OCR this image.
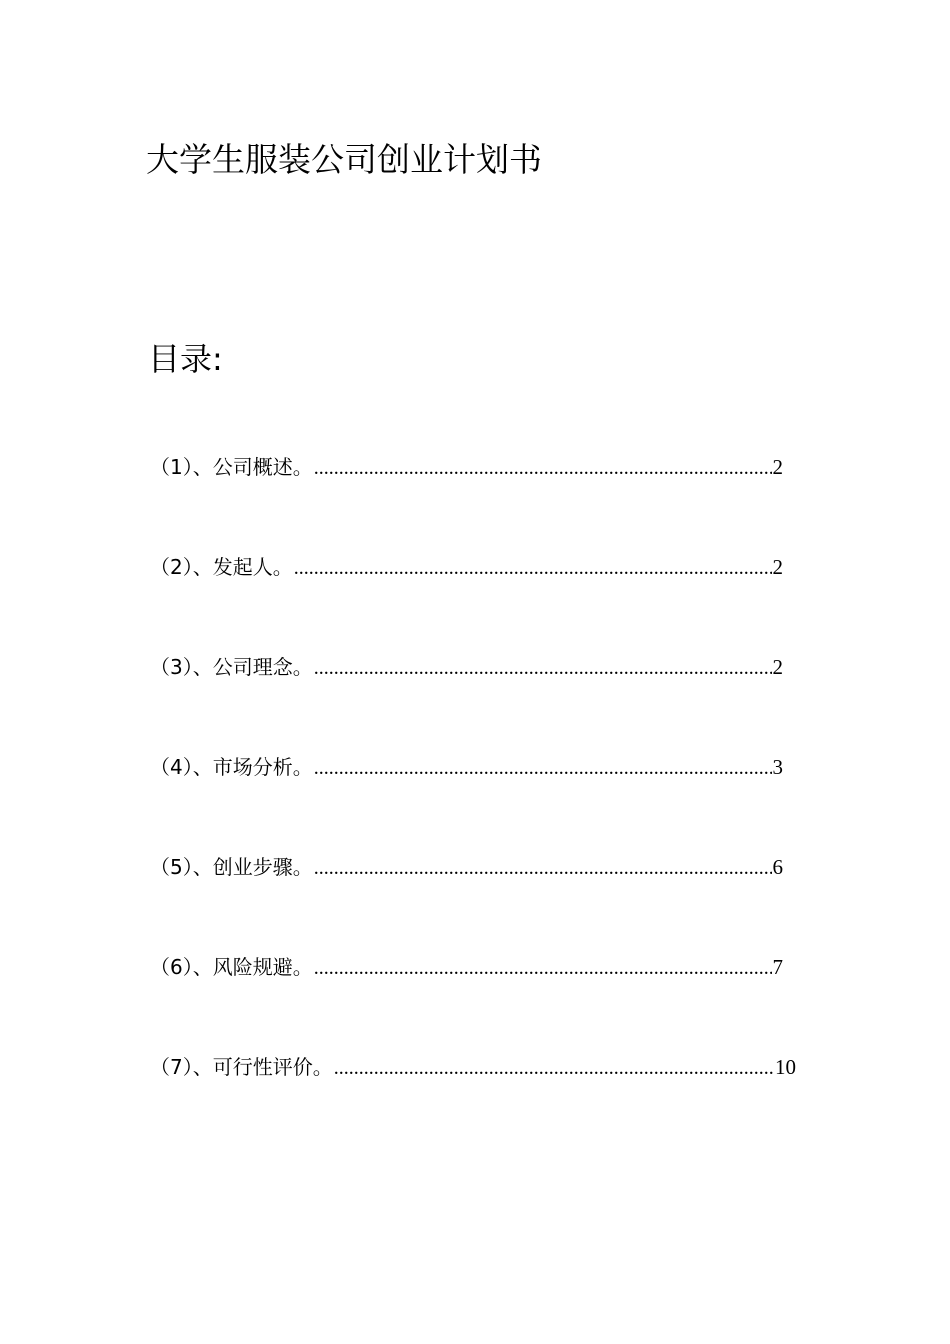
大学生服装公司创业计划书
目录:
（1）、 公司概述。 .....	2
（2）、 发起人。 .....	2
（3）、 公司理念。 .....	2
（4）、 市场分析。 .....	3
（5）、 创业步骤。 .....	6
（6）、 风险规避。 .....	7
（7）、 可行性评价。 .....	10
